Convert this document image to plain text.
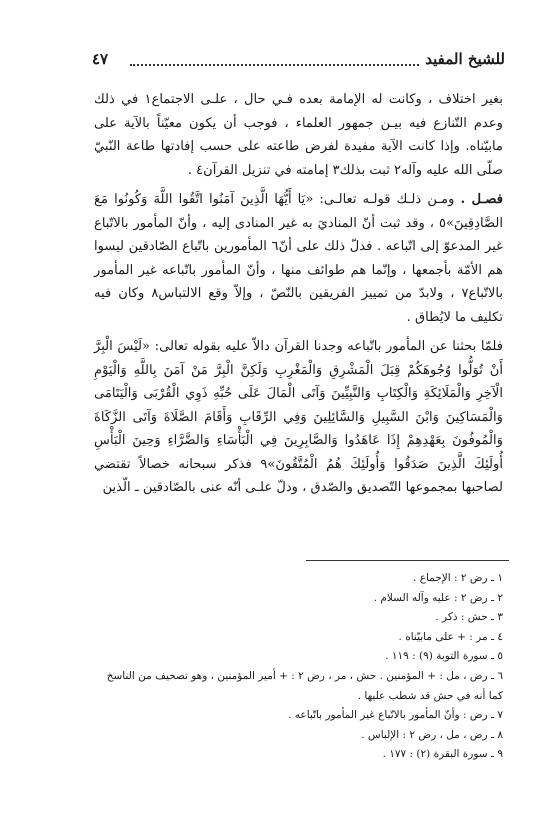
للشيخ المفيد
٤٧

بغير اختلاف ، وكانت له الإمامة بعده فـي حال ، علـى الاجتماع١ في ذلك وعدم التّنازع فيه بيـن جمهور العلماء ، فوجب أن يكون معيّناً بالآية على مابيّناه. وإذا كانت الآية مفيدة لفرض طاعته على حسب إفادتها طاعة النّبيّ صلّى الله عليه وآله٢ ثبت بذلك٣ إمامته في تنزيل القرآن٤ .

فصـل . ومـن ذلـك قولـه تعالـى: «يَا أَيُّهَا الَّذِينَ آمَنُوا اتَّقُوا اللَّهَ وَكُونُوا مَعَ الصَّادِقِينَ»٥ ، وقد ثبت أنّ المناديَ به غير المنادى إليه ، وأنّ المأمور بالاتّباع غير المدعوّ إلى اتّباعه . فدلّ ذلك على أنّ٦ المأمورين باتّباع الصّادقين ليسوا هم الأمّة بأجمعها ، وإنّما هم طوائف منها ، وأنّ المأمور باتّباعه غير المأمور بالاتّباع٧ ، ولابدّ من تمييز الفريقين بالنّصّ ، وإلاّ وقع الالتباس٨ وكان فيه تكليف ما لايُطاق .

فلمّا بحثنا عن المأمور باتّباعه وجدنا القرآن دالاّ عليه بقوله تعالى: «لَيْسَ الْبِرَّ أَنْ تُوَلُّوا وُجُوهَكُمْ قِبَلَ الْمَشْرِقِ وَالْمَغْرِبِ وَلَكِنَّ الْبِرَّ مَنْ آمَنَ بِاللَّهِ وَالْيَوْمِ الْآخِرِ وَالْمَلَائِكَةِ وَالْكِتَابِ وَالنَّبِيِّينَ وَآتَى الْمَالَ عَلَى حُبِّهِ ذَوِي الْقُرْبَى وَالْيَتَامَى وَالْمَسَاكِينَ وَابْنَ السَّبِيلِ وَالسَّائِلِينَ وَفِي الرِّقَابِ وَأَقَامَ الصَّلَاةَ وَآتَى الزَّكَاةَ وَالْمُوفُونَ بِعَهْدِهِمْ إِذَا عَاهَدُوا وَالصَّابِرِينَ فِي الْبَأْسَاءِ وَالضَّرَّاءِ وَحِينَ الْبَأْسِ أُولَئِكَ الَّذِينَ صَدَقُوا وَأُولَئِكَ هُمُ الْمُتَّقُونَ»٩ فذكر سبحانه خصالاً تقتضي لصاحبها بمجموعها التّصديق والصّدق ، ودلّ علـى أنّه عنى بالصّادقين ـ الّذين

١ ـ رض ٢ : الإجماع .
٢ ـ رض ٢ : عليه وآله السلام .
٣ ـ حش : ذكر .
٤ ـ مر : + على مابيّناه .
٥ ـ سورة التوبة (٩) : ١١٩ .
٦ ـ رض ، مل : + المؤمنين . حش ، مر ، رض ٢ : + أمير المؤمنين ، وهو تصحيف من الناسخ كما أنه في حش قد شطب عليها .
٧ ـ رض : وأنّ المأمور بالاتّباع غير المأمور باتّباعه .
٨ ـ رض ، مل ، رض ٢ : الإلباس .
٩ ـ سورة البقرة (٢) : ١٧٧ .
